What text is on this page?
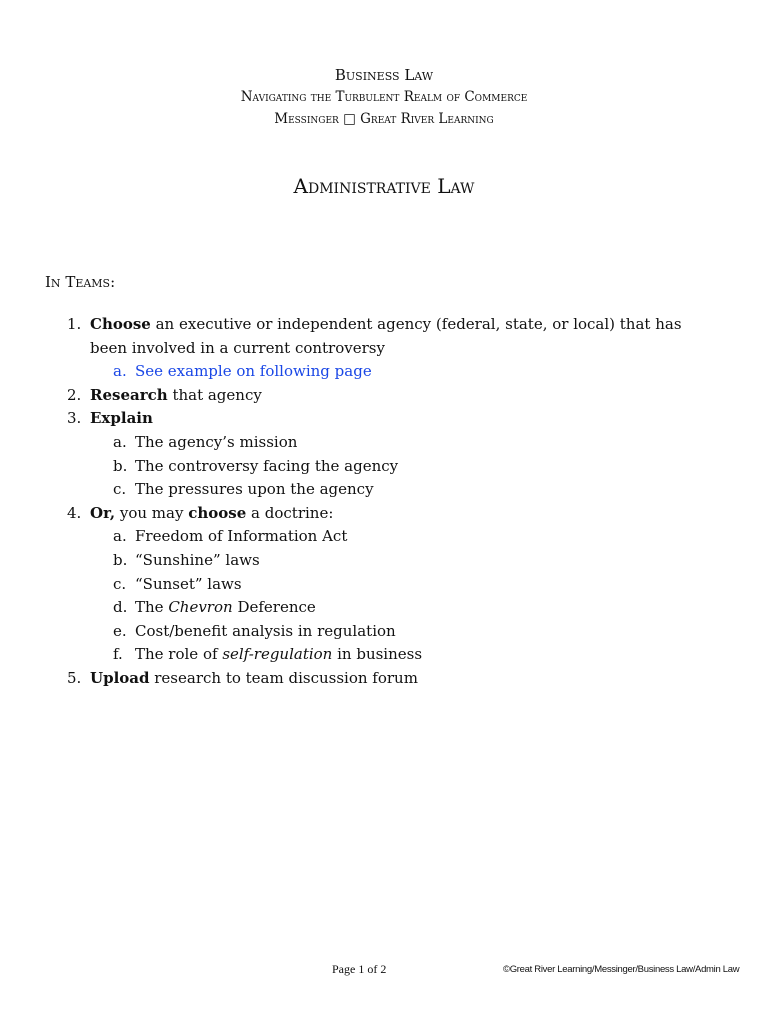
Business Law
Navigating the Turbulent Realm of Commerce
Messinger □ Great River Learning
Administrative Law
In Teams:
1. Choose an executive or independent agency (federal, state, or local) that has
been involved in a current controversy
a. See example on following page
2. Research that agency
3. Explain
a. The agency’s mission
b. The controversy facing the agency
c. The pressures upon the agency
4. Or, you may choose a doctrine:
a. Freedom of Information Act
b. “Sunshine” laws
c. “Sunset” laws
d. The Chevron Deference
e. Cost/benefit analysis in regulation
f. The role of self-regulation in business
5. Upload research to team discussion forum
Page 1 of 2	©Great River Learning/Messinger/Business Law/Admin Law
